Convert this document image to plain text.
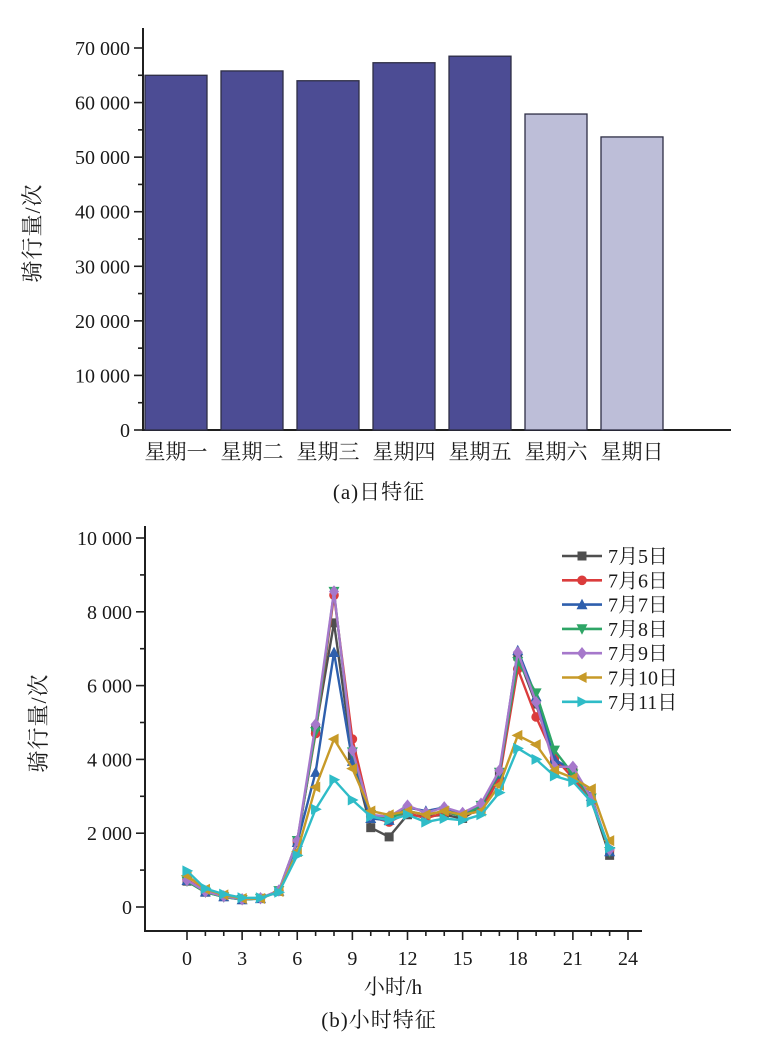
0
10 000
20 000
30 000
40 000
50 000
60 000
70 000
骑行量/次
星期一 星期二 星期三 星期四 星期五 星期六 星期日
(a)日特征
0
2 000
4 000
6 000
8 000
10 000
0 3 6 9 12 15 18 21 24
小时/h
骑行量/次
7月5日
7月6日
7月7日
7月8日
7月9日
7月10日
7月11日
(b)小时特征
